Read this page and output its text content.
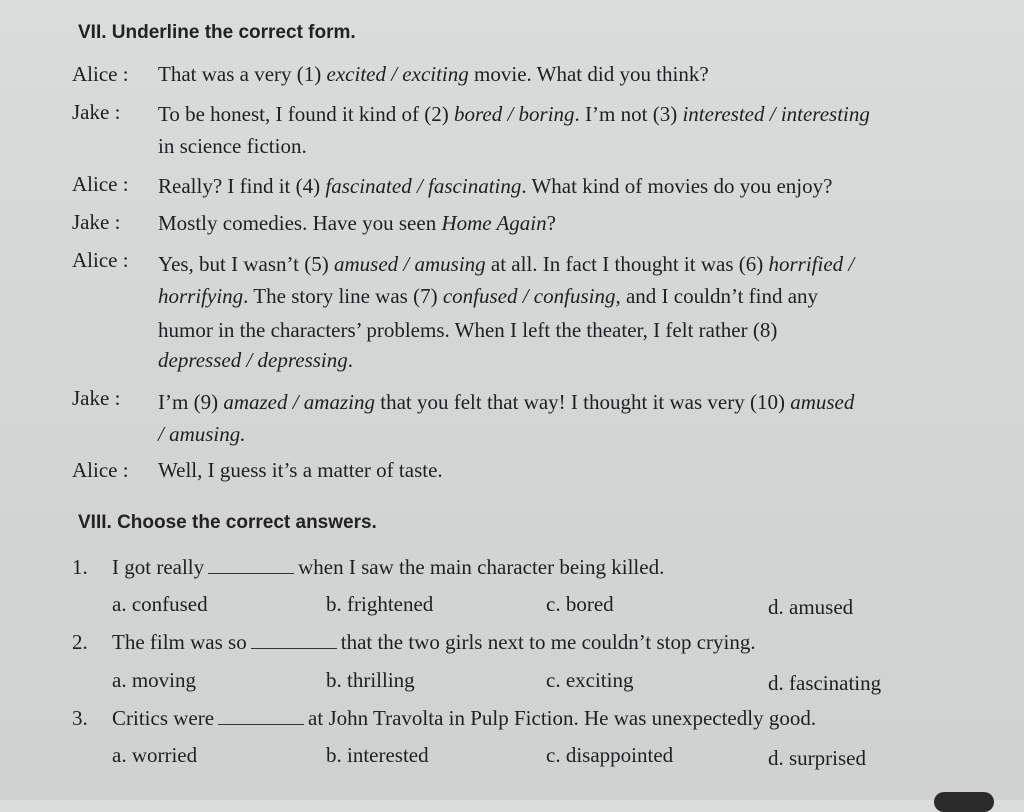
VII. Underline the correct form.
Alice : That was a very (1) excited / exciting movie. What did you think?
Jake : To be honest, I found it kind of (2) bored / boring. I’m not (3) interested / interesting
in science fiction.
Alice : Really? I find it (4) fascinated / fascinating. What kind of movies do you enjoy?
Jake : Mostly comedies. Have you seen Home Again?
Alice : Yes, but I wasn’t (5) amused / amusing at all. In fact I thought it was (6) horrified /
horrifying. The story line was (7) confused / confusing, and I couldn’t find any
humor in the characters’ problems. When I left the theater, I felt rather (8)
depressed / depressing.
Jake : I’m (9) amazed / amazing that you felt that way! I thought it was very (10) amused
/ amusing.
Alice : Well, I guess it’s a matter of taste.
VIII. Choose the correct answers.
1. I got really	when I saw the main character being killed.
a. confused	b. frightened	c. bored	d. amused
2. The film was so	that the two girls next to me couldn’t stop crying.
a. moving	b. thrilling	c. exciting	d. fascinating
3. Critics were	at John Travolta in Pulp Fiction. He was unexpectedly good.
a. worried	b. interested	c. disappointed	d. surprised
